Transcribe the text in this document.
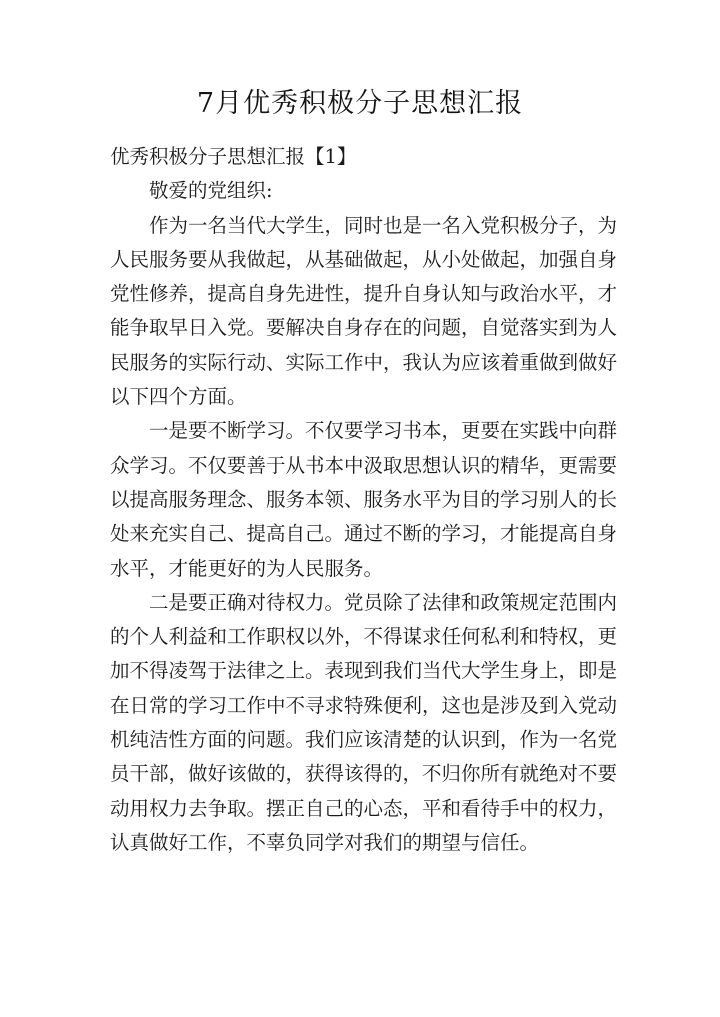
7月优秀积极分子思想汇报
优秀积极分子思想汇报【1】
敬爱的党组织:
作为一名当代大学生，同时也是一名入党积极分子，为
人民服务要从我做起，从基础做起，从小处做起，加强自身
党性修养，提高自身先进性，提升自身认知与政治水平，才
能争取早日入党。要解决自身存在的问题，自觉落实到为人
民服务的实际行动、实际工作中，我认为应该着重做到做好
以下四个方面。
一是要不断学习。不仅要学习书本，更要在实践中向群
众学习。不仅要善于从书本中汲取思想认识的精华，更需要
以提高服务理念、服务本领、服务水平为目的学习别人的长
处来充实自己、提高自己。通过不断的学习，才能提高自身
水平，才能更好的为人民服务。
二是要正确对待权力。党员除了法律和政策规定范围内
的个人利益和工作职权以外，不得谋求任何私利和特权，更
加不得凌驾于法律之上。表现到我们当代大学生身上，即是
在日常的学习工作中不寻求特殊便利，这也是涉及到入党动
机纯洁性方面的问题。我们应该清楚的认识到，作为一名党
员干部，做好该做的，获得该得的，不归你所有就绝对不要
动用权力去争取。摆正自己的心态，平和看待手中的权力，
认真做好工作，不辜负同学对我们的期望与信任。
